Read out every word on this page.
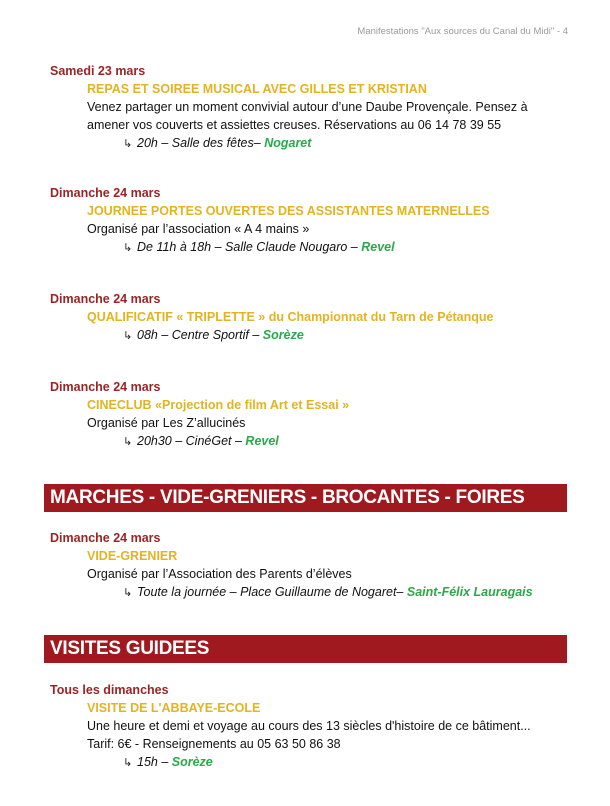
Manifestations "Aux sources du Canal du Midi" - 4
Samedi 23 mars
REPAS ET SOIREE MUSICAL AVEC GILLES ET KRISTIAN
Venez partager un moment convivial autour d’une Daube Provençale. Pensez à
amener vos couverts et assiettes creuses. Réservations au 06 14 78 39 55
↳ 20h – Salle des fêtes– Nogaret
Dimanche 24 mars
JOURNEE PORTES OUVERTES DES ASSISTANTES MATERNELLES
Organisé par l’association « A 4 mains »
↳ De 11h à 18h – Salle Claude Nougaro – Revel
Dimanche 24 mars
QUALIFICATIF « TRIPLETTE » du Championnat du Tarn de Pétanque
↳ 08h – Centre Sportif – Sorèze
Dimanche 24 mars
CINECLUB «Projection de film Art et Essai »
Organisé par Les Z’allucinés
↳ 20h30 – CinéGet – Revel
MARCHES - VIDE-GRENIERS - BROCANTES - FOIRES
Dimanche 24 mars
VIDE-GRENIER
Organisé par l’Association des Parents d’élèves
↳ Toute la journée – Place Guillaume de Nogaret– Saint-Félix Lauragais
VISITES GUIDEES
Tous les dimanches
VISITE DE L'ABBAYE-ECOLE
Une heure et demi et voyage au cours des 13 siècles d'histoire de ce bâtiment...
Tarif: 6€ - Renseignements au 05 63 50 86 38
↳ 15h – Sorèze
